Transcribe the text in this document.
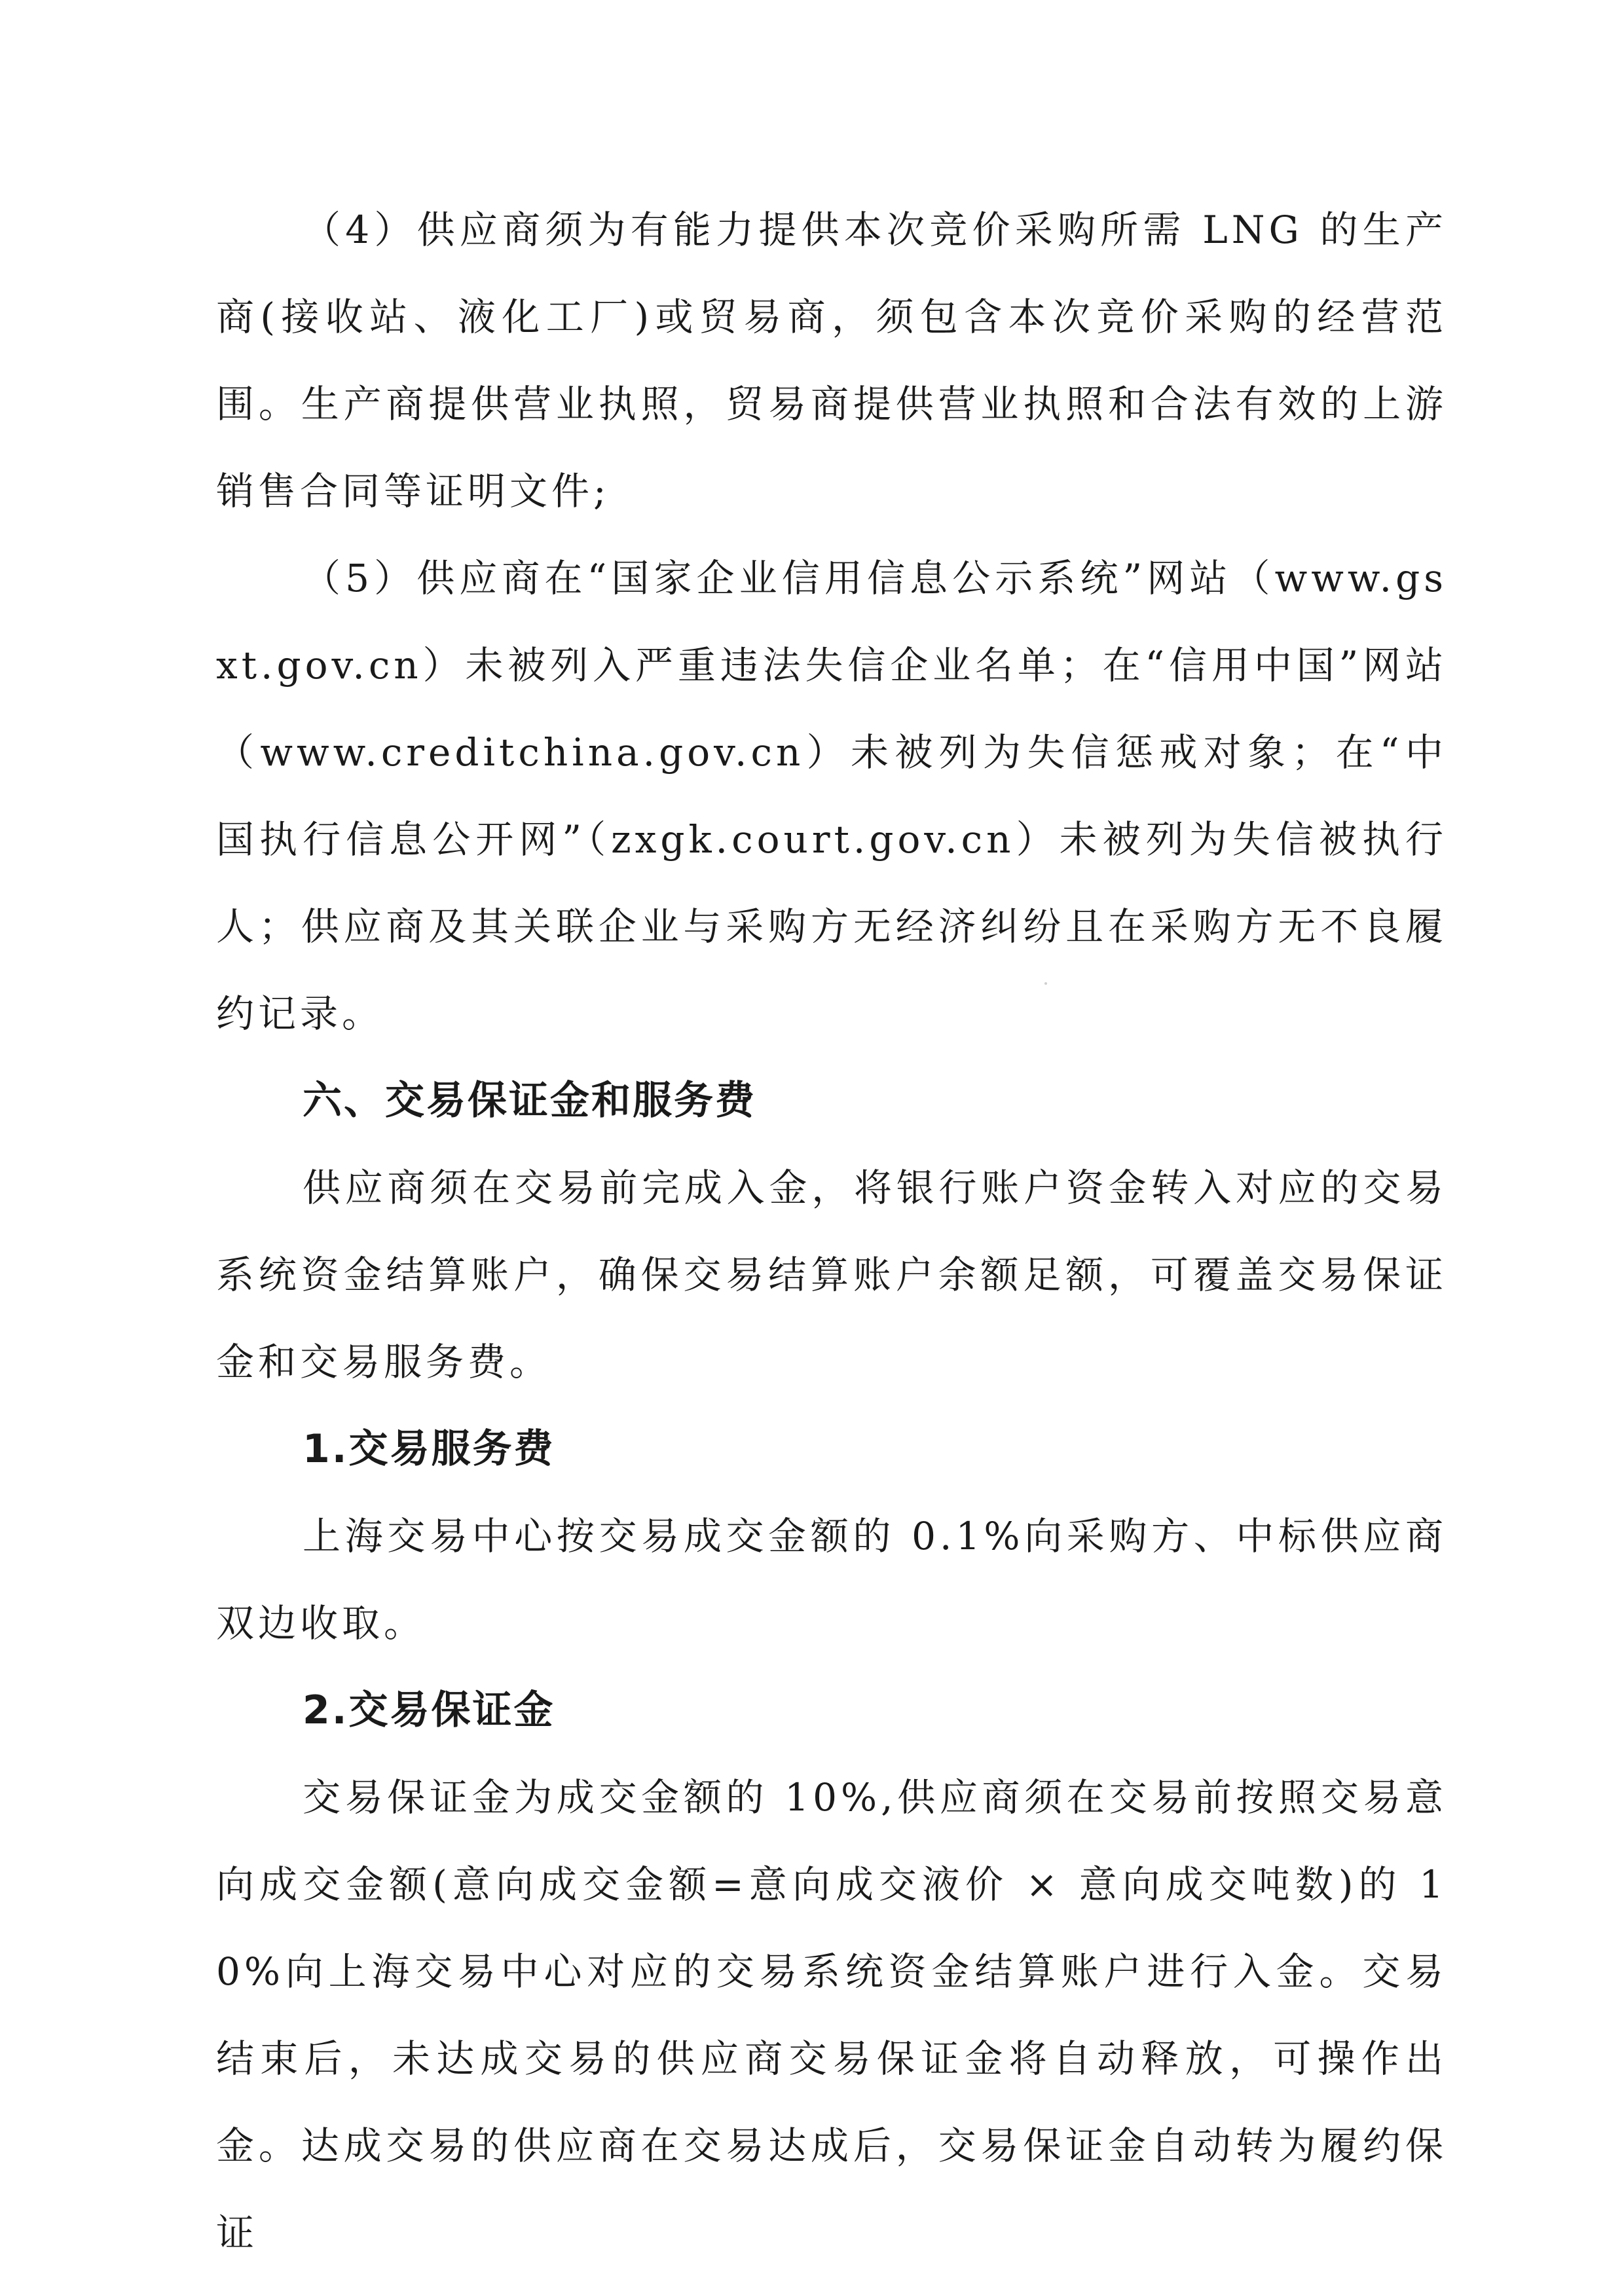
（4）供应商须为有能力提供本次竞价采购所需 LNG 的生产商(接收站、液化工厂)或贸易商，须包含本次竞价采购的经营范围。生产商提供营业执照，贸易商提供营业执照和合法有效的上游销售合同等证明文件;

（5）供应商在“国家企业信用信息公示系统”网站（www.gsxt.gov.cn）未被列入严重违法失信企业名单；在“信用中国”网站（www.creditchina.gov.cn）未被列为失信惩戒对象；在“中国执行信息公开网”（zxgk.court.gov.cn）未被列为失信被执行人；供应商及其关联企业与采购方无经济纠纷且在采购方无不良履约记录。

六、交易保证金和服务费

供应商须在交易前完成入金，将银行账户资金转入对应的交易系统资金结算账户，确保交易结算账户余额足额，可覆盖交易保证金和交易服务费。

1.交易服务费

上海交易中心按交易成交金额的 0.1%向采购方、中标供应商双边收取。

2.交易保证金

交易保证金为成交金额的 10%,供应商须在交易前按照交易意向成交金额(意向成交金额=意向成交液价 × 意向成交吨数)的 10%向上海交易中心对应的交易系统资金结算账户进行入金。交易结束后，未达成交易的供应商交易保证金将自动释放，可操作出金。达成交易的供应商在交易达成后，交易保证金自动转为履约保证
